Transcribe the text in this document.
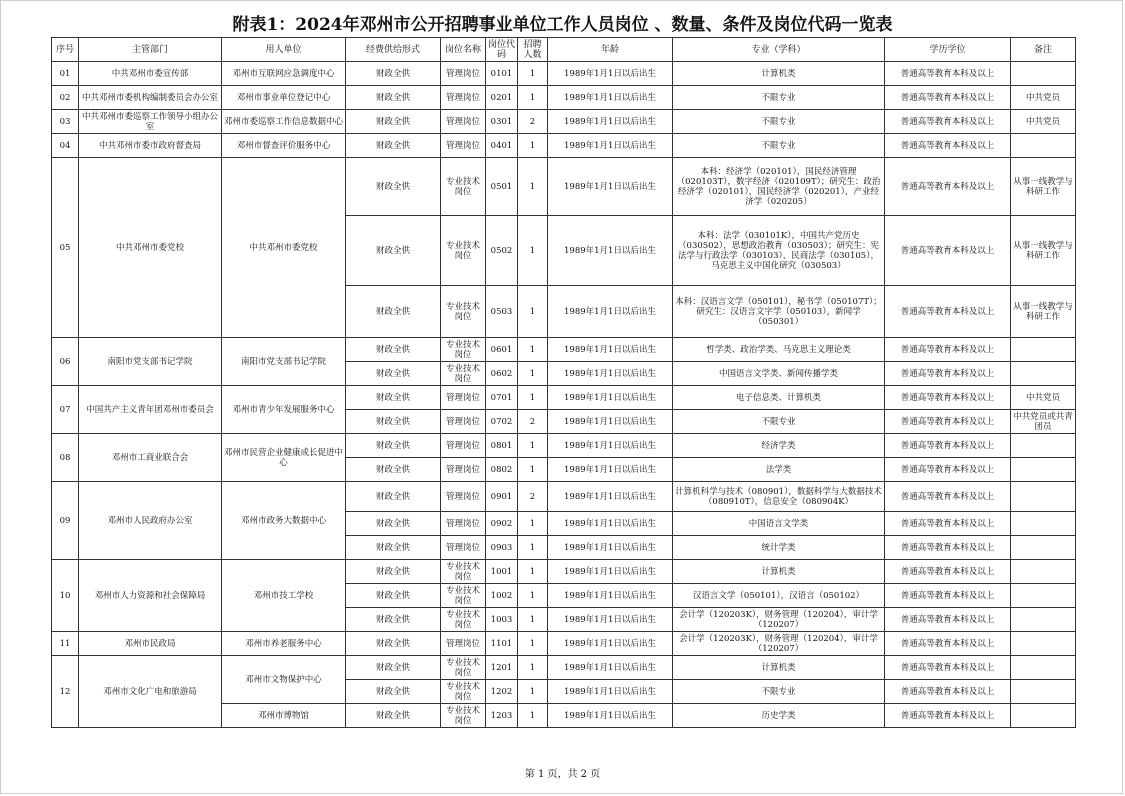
附表1：2024年邓州市公开招聘事业单位工作人员岗位 、数量、条件及岗位代码一览表
序号	主管部门	用人单位	经费供给形式	岗位名称	岗位代码	招聘人数	年龄	专业（学科）	学历学位	备注
01	中共邓州市委宣传部	邓州市互联网应急调度中心	财政全供	管理岗位	0101	1	1989年1月1日以后出生	计算机类	普通高等教育本科及以上	
02	中共邓州市委机构编制委员会办公室	邓州市事业单位登记中心	财政全供	管理岗位	0201	1	1989年1月1日以后出生	不限专业	普通高等教育本科及以上	中共党员
03	中共邓州市委巡察工作领导小组办公室	邓州市委巡察工作信息数据中心	财政全供	管理岗位	0301	2	1989年1月1日以后出生	不限专业	普通高等教育本科及以上	中共党员
04	中共邓州市委市政府督查局	邓州市督查评价服务中心	财政全供	管理岗位	0401	1	1989年1月1日以后出生	不限专业	普通高等教育本科及以上	
05	中共邓州市委党校	中共邓州市委党校	财政全供	专业技术岗位	0501	1	1989年1月1日以后出生	本科：经济学（020101），国民经济管理（020103T），数字经济（020109T）；研究生：政治经济学（020101），国民经济学（020201），产业经济学（020205）	普通高等教育本科及以上	从事一线教学与科研工作
			财政全供	专业技术岗位	0502	1	1989年1月1日以后出生	本科：法学（030101K），中国共产党历史（030502），思想政治教育（030503）；研究生：宪法学与行政法学（030103），民商法学（030105），马克思主义中国化研究（030503）	普通高等教育本科及以上	从事一线教学与科研工作
			财政全供	专业技术岗位	0503	1	1989年1月1日以后出生	本科：汉语言文学（050101），秘书学（050107T）；研究生：汉语言文字学（050103），新闻学（050301）	普通高等教育本科及以上	从事一线教学与科研工作
06	南阳市党支部书记学院	南阳市党支部书记学院	财政全供	专业技术岗位	0601	1	1989年1月1日以后出生	哲学类、政治学类、马克思主义理论类	普通高等教育本科及以上	
			财政全供	专业技术岗位	0602	1	1989年1月1日以后出生	中国语言文学类、新闻传播学类	普通高等教育本科及以上	
07	中国共产主义青年团邓州市委员会	邓州市青少年发展服务中心	财政全供	管理岗位	0701	1	1989年1月1日以后出生	电子信息类、计算机类	普通高等教育本科及以上	中共党员
			财政全供	管理岗位	0702	2	1989年1月1日以后出生	不限专业	普通高等教育本科及以上	中共党员或共青团员
08	邓州市工商业联合会	邓州市民营企业健康成长促进中心	财政全供	管理岗位	0801	1	1989年1月1日以后出生	经济学类	普通高等教育本科及以上	
			财政全供	管理岗位	0802	1	1989年1月1日以后出生	法学类	普通高等教育本科及以上	
09	邓州市人民政府办公室	邓州市政务大数据中心	财政全供	管理岗位	0901	2	1989年1月1日以后出生	计算机科学与技术（080901），数据科学与大数据技术（080910T），信息安全（080904K）	普通高等教育本科及以上	
			财政全供	管理岗位	0902	1	1989年1月1日以后出生	中国语言文学类	普通高等教育本科及以上	
			财政全供	管理岗位	0903	1	1989年1月1日以后出生	统计学类	普通高等教育本科及以上	
10	邓州市人力资源和社会保障局	邓州市技工学校	财政全供	专业技术岗位	1001	1	1989年1月1日以后出生	计算机类	普通高等教育本科及以上	
			财政全供	专业技术岗位	1002	1	1989年1月1日以后出生	汉语言文学（050101），汉语言（050102）	普通高等教育本科及以上	
			财政全供	专业技术岗位	1003	1	1989年1月1日以后出生	会计学（120203K），财务管理（120204），审计学（120207）	普通高等教育本科及以上	
11	邓州市民政局	邓州市养老服务中心	财政全供	管理岗位	1101	1	1989年1月1日以后出生	会计学（120203K），财务管理（120204），审计学（120207）	普通高等教育本科及以上	
12	邓州市文化广电和旅游局	邓州市文物保护中心	财政全供	专业技术岗位	1201	1	1989年1月1日以后出生	计算机类	普通高等教育本科及以上	
			财政全供	专业技术岗位	1202	1	1989年1月1日以后出生	不限专业	普通高等教育本科及以上	
		邓州市博物馆	财政全供	专业技术岗位	1203	1	1989年1月1日以后出生	历史学类	普通高等教育本科及以上	
第 1 页，共 2 页
